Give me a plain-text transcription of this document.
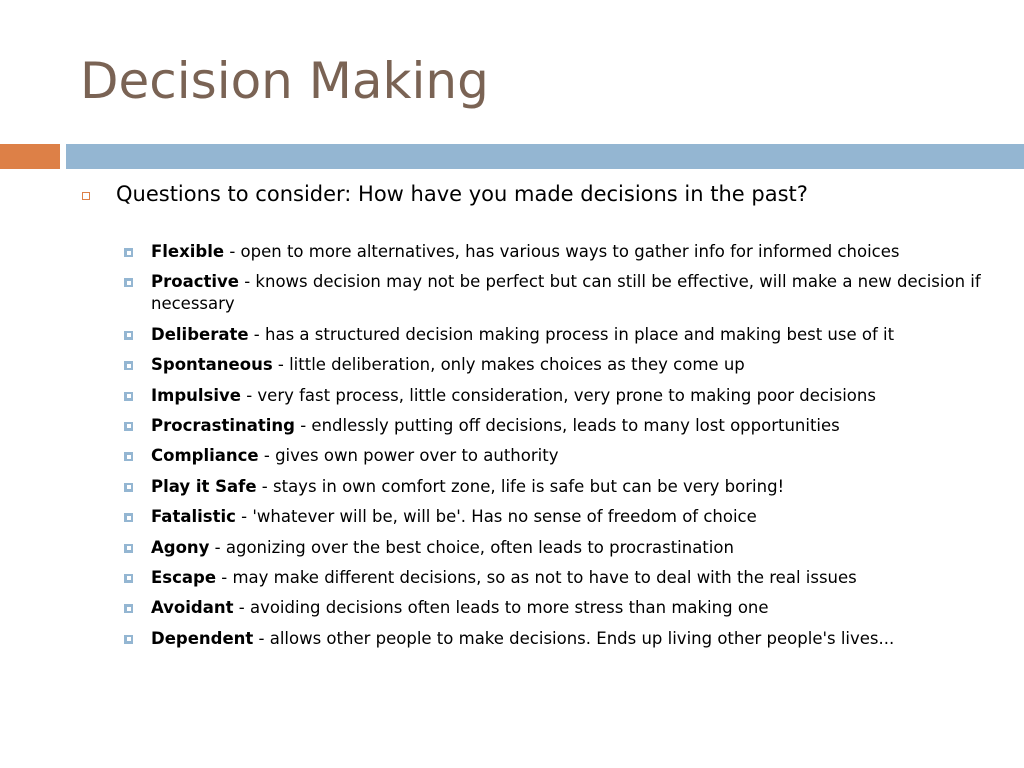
Decision Making
Questions to consider: How have you made decisions in the past?
Flexible - open to more alternatives, has various ways to gather info for informed choices
Proactive - knows decision may not be perfect but can still be effective, will make a new decision if necessary
Deliberate - has a structured decision making process in place and making best use of it
Spontaneous - little deliberation, only makes choices as they come up
Impulsive - very fast process, little consideration, very prone to making poor decisions
Procrastinating - endlessly putting off decisions, leads to many lost opportunities
Compliance - gives own power over to authority
Play it Safe - stays in own comfort zone, life is safe but can be very boring!
Fatalistic - 'whatever will be, will be'. Has no sense of freedom of choice
Agony - agonizing over the best choice, often leads to procrastination
Escape - may make different decisions, so as not to have to deal with the real issues
Avoidant - avoiding decisions often leads to more stress than making one
Dependent - allows other people to make decisions. Ends up living other people's lives...
